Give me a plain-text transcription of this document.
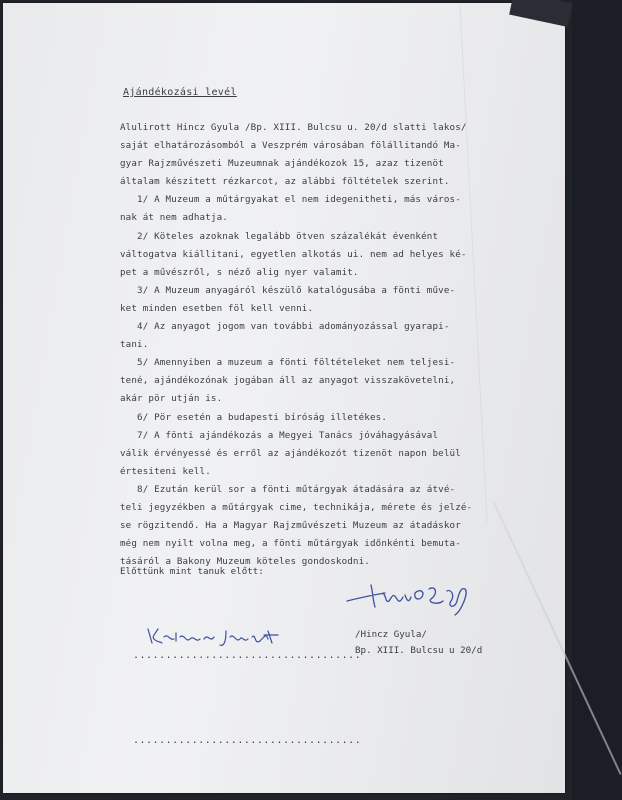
Ajándékozási levél
Alulirott Hincz Gyula /Bp. XIII. Bulcsu u. 20/d slatti lakos/
saját elhatározásomból a Veszprém városában fölállitandó Ma-
gyar Rajzművészeti Muzeumnak ajándékozok 15, azaz tizenöt
általam készitett rézkarcot, az alábbi föltételek szerint.
1/ A Muzeum a műtárgyakat el nem idegenitheti, más város-
nak át nem adhatja.
2/ Köteles azoknak legalább ötven százalékát évenként
váltogatva kiállitani, egyetlen alkotás ui. nem ad helyes ké-
pet a művészről, s néző alig nyer valamit.
3/ A Muzeum anyagáról készülő katalógusába a fönti műve-
ket minden esetben föl kell venni.
4/ Az anyagot jogom van további adományozással gyarapi-
tani.
5/ Amennyiben a muzeum a fönti föltételeket nem teljesi-
tené, ajándékozónak jogában áll az anyagot visszakövetelni,
akár pör utján is.
6/ Pör esetén a budapesti bíróság illetékes.
7/ A fönti ajándékozás a Megyei Tanács jóváhagyásával
válik érvényessé és erről az ajándékozót tizenöt napon belül
értesiteni kell.
8/ Ezután kerül sor a fönti műtárgyak átadására az átvé-
teli jegyzékben a műtárgyak cime, technikája, mérete és jelzé-
se rögzitendő. Ha a Magyar Rajzművészeti Muzeum az átadáskor
még nem nyilt volna meg, a fönti műtárgyak időnkénti bemuta-
tásáról a Bakony Muzeum köteles gondoskodni.
Előttünk mint tanuk előtt:
/Hincz Gyula/
Bp. XIII. Bulcsu u 20/d
...................................
...................................
